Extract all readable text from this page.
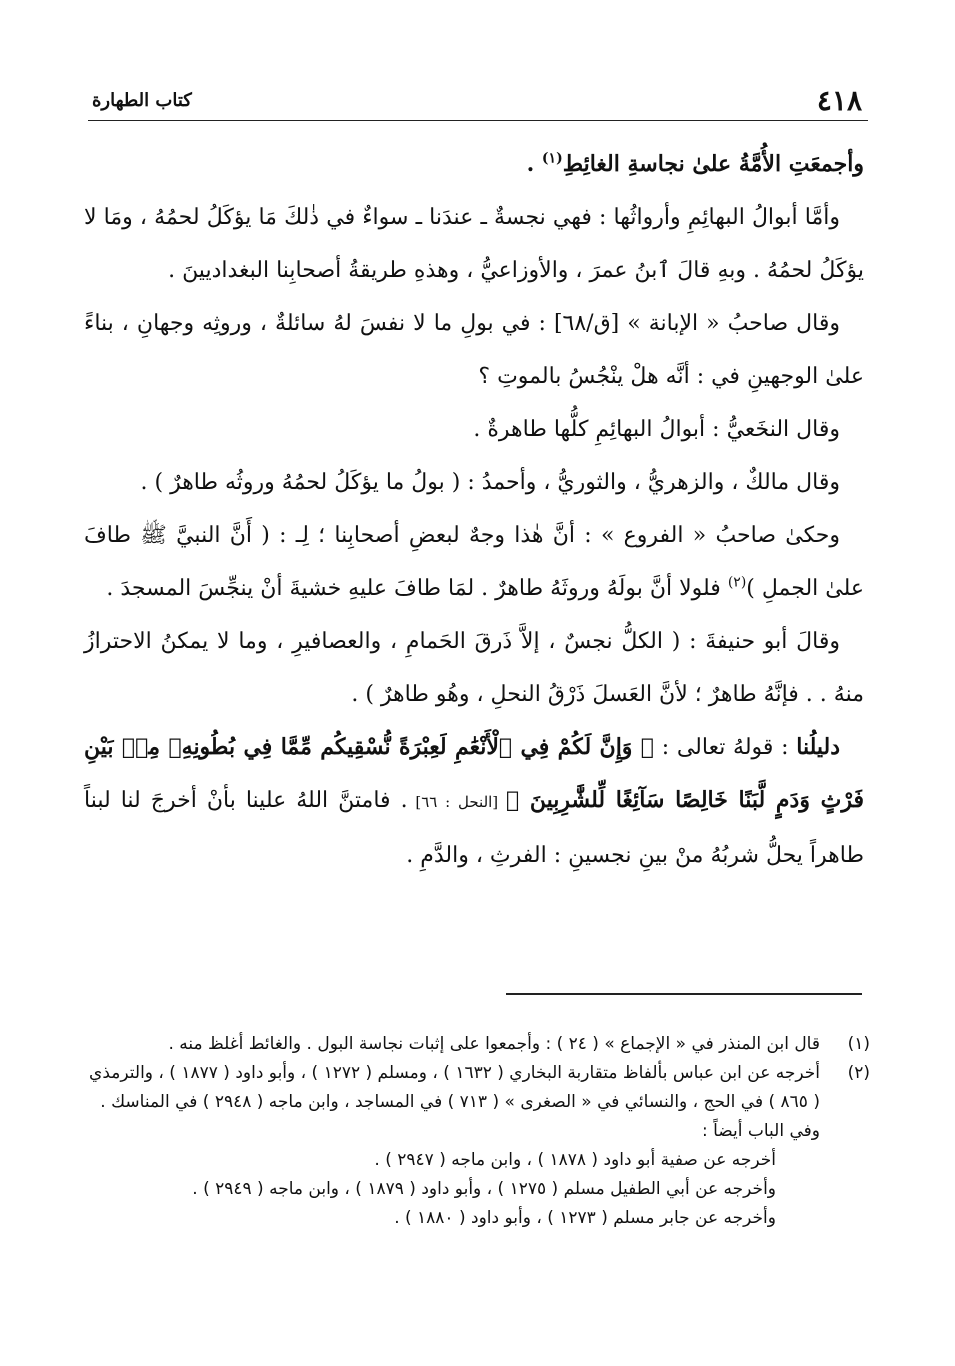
٤١٨
كتاب الطهارة

وأجمعَتِ الأُمَّةُ علىٰ نجاسةِ الغائِطِ$^{(١)}$ .

وأمَّا أبوالُ البهائِمِ وأرواثُها : فهي نجسةٌ ـ عندَنا ـ سواءٌ في ذٰلكَ مَا يؤكَلُ لحمُهُ ، ومَا لا يؤكَلُ لحمُهُ . وبهِ قالَ ٱبنُ عمرَ ، والأوزاعيُّ ، وهذهِ طريقةُ أصحابِنا البغداديينَ .

وقال صاحبُ « الإبانة » [ق/٦٨] : في بولِ ما لا نفسَ لهُ سائلةٌ ، وروثِه وجهانِ ، بناءً علىٰ الوجهينِ في : أنَّه هلْ ينْجُسُ بالموتِ ؟

وقال النخَعيُّ : أبوالُ البهائِمِ كلُّها طاهرةٌ .

وقال مالكٌ ، والزهريُّ ، والثوريُّ ، وأحمدُ : ( بولُ ما يؤكَلُ لحمُهُ وروثُه طاهرٌ ) .

وحكىٰ صاحبُ « الفروع » : أنَّ هٰذا وجهٌ لبعضِ أصحابِنا ؛ لِـ : ( أَنَّ النبيَّ ﷺ طافَ علىٰ الجملِ )$^{(٢)}$ فلولا أنَّ بولَهُ وروثَهُ طاهرٌ . لمَا طافَ عليهِ خشيةَ أنْ ينجِّسَ المسجدَ .

وقالَ أبو حنيفةَ : ( الكلُّ نجسٌ ، إلاَّ ذَرقَ الحَمامِ ، والعصافيرِ ، وما لا يمكنُ الاحترازُ منهُ . . فإنَّهُ طاهرٌ ؛ لأنَّ العَسلَ ذَرْقُ النحلِ ، وهُو طاهرٌ ) .

دليلُنا : قولهُ تعالى : ﴿ وَإِنَّ لَكُمْ فِي ٱلْأَنْعَٰمِ لَعِبْرَةً نُّسْقِيكُم مِّمَّا فِي بُطُونِهِۦ مِنۢ بَيْنِ فَرْثٍ وَدَمٍ لَّبَنًا خَالِصًا سَآئِغًا لِّلشَّٰرِبِينَ ﴾ [النحل : ٦٦] . فامتنَّ اللهُ علينا بأنْ أخرجَ لنا لبناً طاهراً يحلُّ شربُهُ منْ بينِ نجسينِ : الفرثِ ، والدَّمِ .

(١)
قال ابن المنذر في « الإجماع » ( ٢٤ ) : وأجمعوا على إثبات نجاسة البول . والغائط أغلظ منه .

(٢)
أخرجه عن ابن عباس بألفاظ متقاربة البخاري ( ١٦٣٢ ) ، ومسلم ( ١٢٧٢ ) ، وأبو داود ( ١٨٧٧ ) ، والترمذي ( ٨٦٥ ) في الحج ، والنسائي في « الصغرى » ( ٧١٣ ) في المساجد ، وابن ماجه ( ٢٩٤٨ ) في المناسك . وفي الباب أيضاً :
أخرجه عن صفية أبو داود ( ١٨٧٨ ) ، وابن ماجه ( ٢٩٤٧ ) .
وأخرجه عن أبي الطفيل مسلم ( ١٢٧٥ ) ، وأبو داود ( ١٨٧٩ ) ، وابن ماجه ( ٢٩٤٩ ) .
وأخرجه عن جابر مسلم ( ١٢٧٣ ) ، وأبو داود ( ١٨٨٠ ) .
